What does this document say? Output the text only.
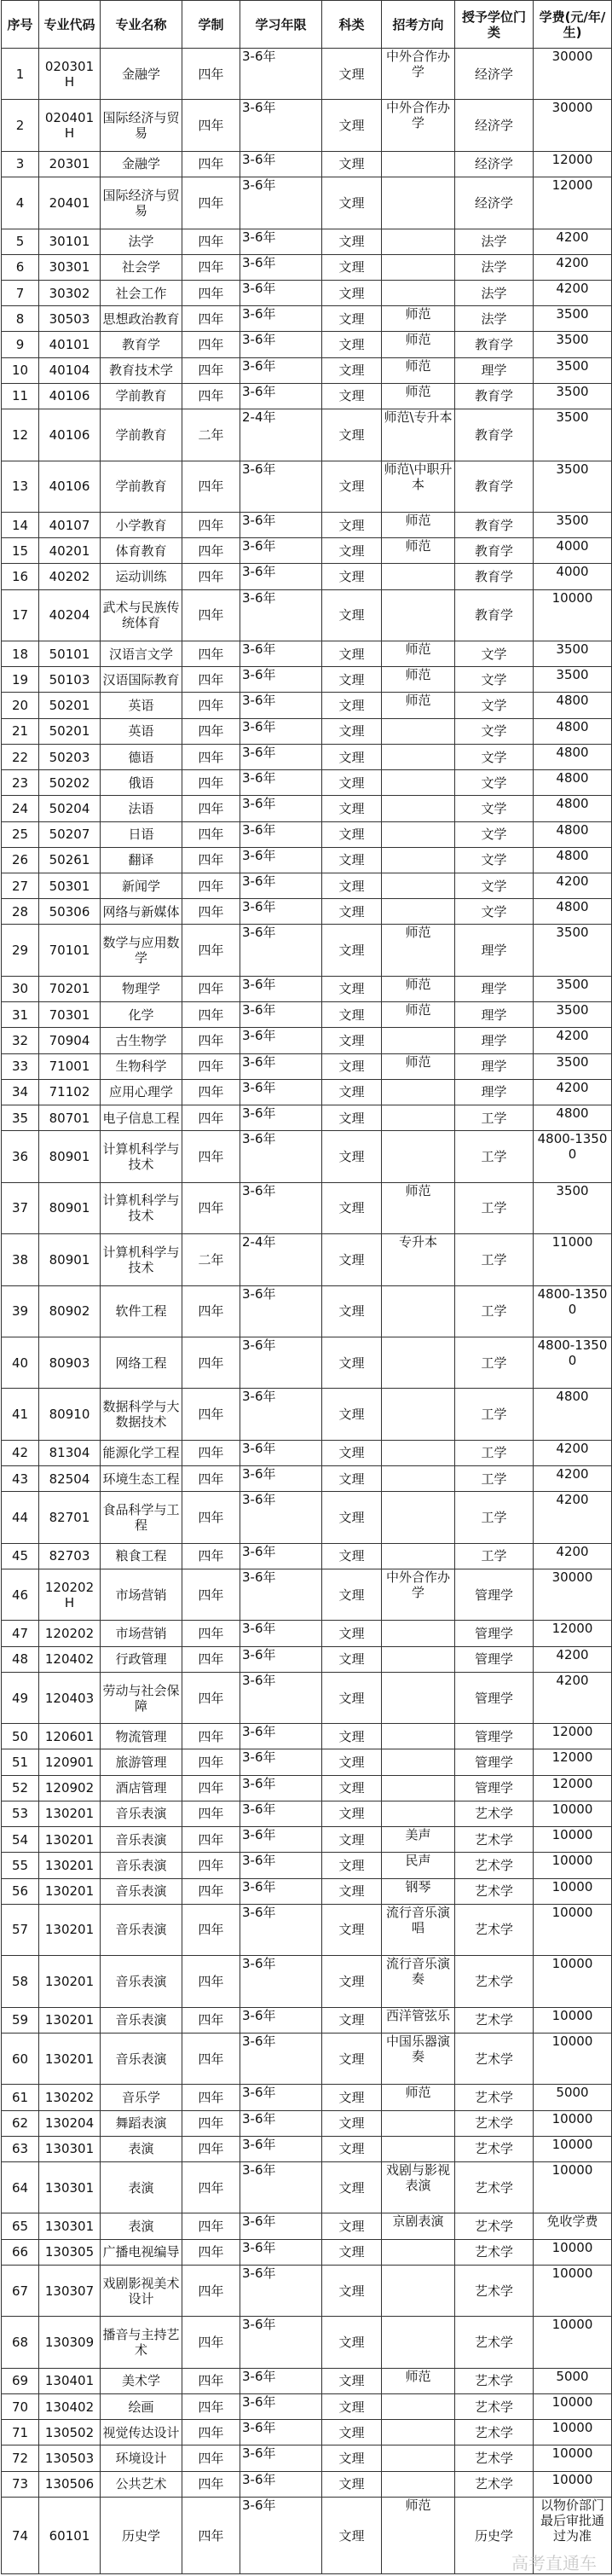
序号	专业代码	专业名称	学制	学习年限	科类	招考方向	授予学位门类	学费(元/年/生)
1	020301H	金融学	四年	3-6年	文理	中外合作办学	经济学	30000
2	020401H	国际经济与贸易	四年	3-6年	文理	中外合作办学	经济学	30000
3	20301	金融学	四年	3-6年	文理		经济学	12000
4	20401	国际经济与贸易	四年	3-6年	文理		经济学	12000
5	30101	法学	四年	3-6年	文理		法学	4200
6	30301	社会学	四年	3-6年	文理		法学	4200
7	30302	社会工作	四年	3-6年	文理		法学	4200
8	30503	思想政治教育	四年	3-6年	文理	师范	法学	3500
9	40101	教育学	四年	3-6年	文理	师范	教育学	3500
10	40104	教育技术学	四年	3-6年	文理	师范	理学	3500
11	40106	学前教育	四年	3-6年	文理	师范	教育学	3500
12	40106	学前教育	二年	2-4年	文理	师范\专升本	教育学	3500
13	40106	学前教育	四年	3-6年	文理	师范\中职升本	教育学	3500
14	40107	小学教育	四年	3-6年	文理	师范	教育学	3500
15	40201	体育教育	四年	3-6年	文理	师范	教育学	4000
16	40202	运动训练	四年	3-6年	文理		教育学	4000
17	40204	武术与民族传统体育	四年	3-6年	文理		教育学	10000
18	50101	汉语言文学	四年	3-6年	文理	师范	文学	3500
19	50103	汉语国际教育	四年	3-6年	文理	师范	文学	3500
20	50201	英语	四年	3-6年	文理	师范	文学	4800
21	50201	英语	四年	3-6年	文理		文学	4800
22	50203	德语	四年	3-6年	文理		文学	4800
23	50202	俄语	四年	3-6年	文理		文学	4800
24	50204	法语	四年	3-6年	文理		文学	4800
25	50207	日语	四年	3-6年	文理		文学	4800
26	50261	翻译	四年	3-6年	文理		文学	4800
27	50301	新闻学	四年	3-6年	文理		文学	4200
28	50306	网络与新媒体	四年	3-6年	文理		文学	4800
29	70101	数学与应用数学	四年	3-6年	文理	师范	理学	3500
30	70201	物理学	四年	3-6年	文理	师范	理学	3500
31	70301	化学	四年	3-6年	文理	师范	理学	3500
32	70904	古生物学	四年	3-6年	文理		理学	4200
33	71001	生物科学	四年	3-6年	文理	师范	理学	3500
34	71102	应用心理学	四年	3-6年	文理		理学	4200
35	80701	电子信息工程	四年	3-6年	文理		工学	4800
36	80901	计算机科学与技术	四年	3-6年	文理		工学	4800-13500
37	80901	计算机科学与技术	四年	3-6年	文理	师范	工学	3500
38	80901	计算机科学与技术	二年	2-4年	文理	专升本	工学	11000
39	80902	软件工程	四年	3-6年	文理		工学	4800-13500
40	80903	网络工程	四年	3-6年	文理		工学	4800-13500
41	80910	数据科学与大数据技术	四年	3-6年	文理		工学	4800
42	81304	能源化学工程	四年	3-6年	文理		工学	4200
43	82504	环境生态工程	四年	3-6年	文理		工学	4200
44	82701	食品科学与工程	四年	3-6年	文理		工学	4200
45	82703	粮食工程	四年	3-6年	文理		工学	4200
46	120202H	市场营销	四年	3-6年	文理	中外合作办学	管理学	30000
47	120202	市场营销	四年	3-6年	文理		管理学	12000
48	120402	行政管理	四年	3-6年	文理		管理学	4200
49	120403	劳动与社会保障	四年	3-6年	文理		管理学	4200
50	120601	物流管理	四年	3-6年	文理		管理学	12000
51	120901	旅游管理	四年	3-6年	文理		管理学	12000
52	120902	酒店管理	四年	3-6年	文理		管理学	12000
53	130201	音乐表演	四年	3-6年	文理		艺术学	10000
54	130201	音乐表演	四年	3-6年	文理	美声	艺术学	10000
55	130201	音乐表演	四年	3-6年	文理	民声	艺术学	10000
56	130201	音乐表演	四年	3-6年	文理	钢琴	艺术学	10000
57	130201	音乐表演	四年	3-6年	文理	流行音乐演唱	艺术学	10000
58	130201	音乐表演	四年	3-6年	文理	流行音乐演奏	艺术学	10000
59	130201	音乐表演	四年	3-6年	文理	西洋管弦乐	艺术学	10000
60	130201	音乐表演	四年	3-6年	文理	中国乐器演奏	艺术学	10000
61	130202	音乐学	四年	3-6年	文理	师范	艺术学	5000
62	130204	舞蹈表演	四年	3-6年	文理		艺术学	10000
63	130301	表演	四年	3-6年	文理		艺术学	10000
64	130301	表演	四年	3-6年	文理	戏剧与影视表演	艺术学	10000
65	130301	表演	四年	3-6年	文理	京剧表演	艺术学	免收学费
66	130305	广播电视编导	四年	3-6年	文理		艺术学	10000
67	130307	戏剧影视美术设计	四年	3-6年	文理		艺术学	10000
68	130309	播音与主持艺术	四年	3-6年	文理		艺术学	10000
69	130401	美术学	四年	3-6年	文理	师范	艺术学	5000
70	130402	绘画	四年	3-6年	文理		艺术学	10000
71	130502	视觉传达设计	四年	3-6年	文理		艺术学	10000
72	130503	环境设计	四年	3-6年	文理		艺术学	10000
73	130506	公共艺术	四年	3-6年	文理		艺术学	10000
74	60101	历史学	四年	3-6年	文理	师范	历史学	以物价部门最后审批通过为准
高考直通车
